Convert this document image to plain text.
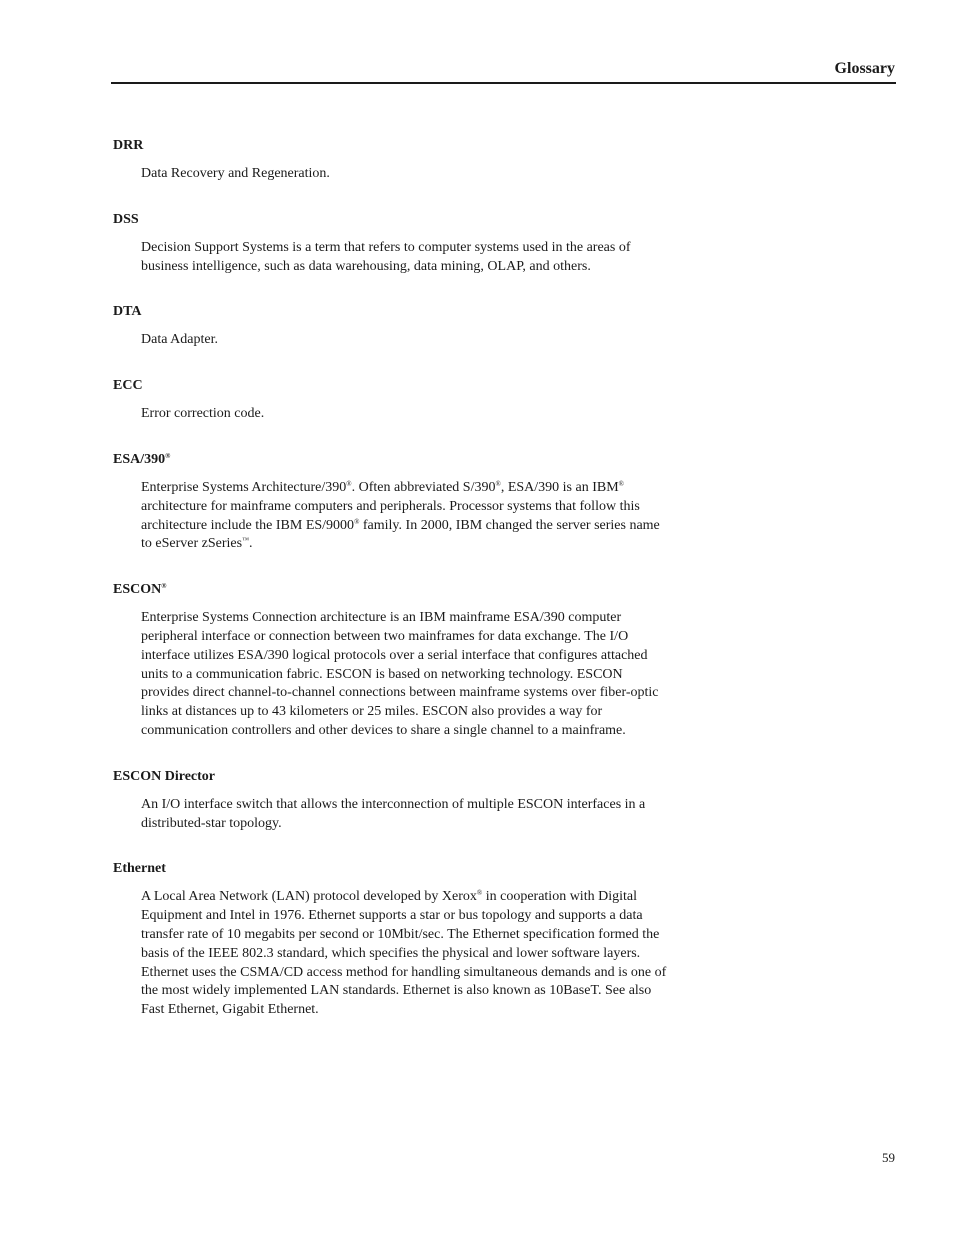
Glossary
DRR
Data Recovery and Regeneration.
DSS
Decision Support Systems is a term that refers to computer systems used in the areas of business intelligence, such as data warehousing, data mining, OLAP, and others.
DTA
Data Adapter.
ECC
Error correction code.
ESA/390®
Enterprise Systems Architecture/390®. Often abbreviated S/390®, ESA/390 is an IBM® architecture for mainframe computers and peripherals. Processor systems that follow this architecture include the IBM ES/9000® family. In 2000, IBM changed the server series name to eServer zSeries™.
ESCON®
Enterprise Systems Connection architecture is an IBM mainframe ESA/390 computer peripheral interface or connection between two mainframes for data exchange. The I/O interface utilizes ESA/390 logical protocols over a serial interface that configures attached units to a communication fabric. ESCON is based on networking technology. ESCON provides direct channel-to-channel connections between mainframe systems over fiber-optic links at distances up to 43 kilometers or 25 miles. ESCON also provides a way for communication controllers and other devices to share a single channel to a mainframe.
ESCON Director
An I/O interface switch that allows the interconnection of multiple ESCON interfaces in a distributed-star topology.
Ethernet
A Local Area Network (LAN) protocol developed by Xerox® in cooperation with Digital Equipment and Intel in 1976. Ethernet supports a star or bus topology and supports a data transfer rate of 10 megabits per second or 10Mbit/sec. The Ethernet specification formed the basis of the IEEE 802.3 standard, which specifies the physical and lower software layers. Ethernet uses the CSMA/CD access method for handling simultaneous demands and is one of the most widely implemented LAN standards. Ethernet is also known as 10BaseT. See also Fast Ethernet, Gigabit Ethernet.
59
